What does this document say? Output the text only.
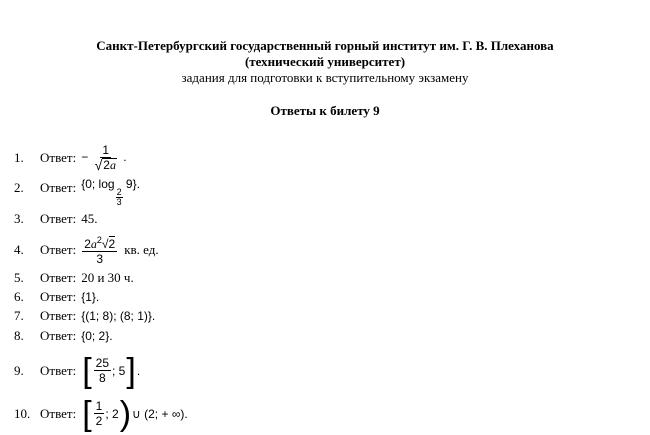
Санкт-Петербургский государственный горный институт им. Г. В. Плеханова
(технический университет)
задания для подготовки к вступительному экзамену
Ответы к билету 9
1.	Ответ: − $\frac{1}{√ 2a}$ .
2.	Ответ: {0; log
$\frac{2}{3}$
9}.
3.	Ответ: 45.
4.	Ответ: $\frac{2a^2√2}{3}$ кв. ед.
5.	Ответ: 20 и 30 ч.
6.	Ответ: {1}.
7.	Ответ: {(1; 8); (8; 1)}.
8.	Ответ: {0; 2}.
9.	Ответ: [ $\frac{25}{8}$ ; 5 ] .
10. Ответ: [ $\frac{1}{2}$ ; 2 ) ∪ (2; + ∞) .
